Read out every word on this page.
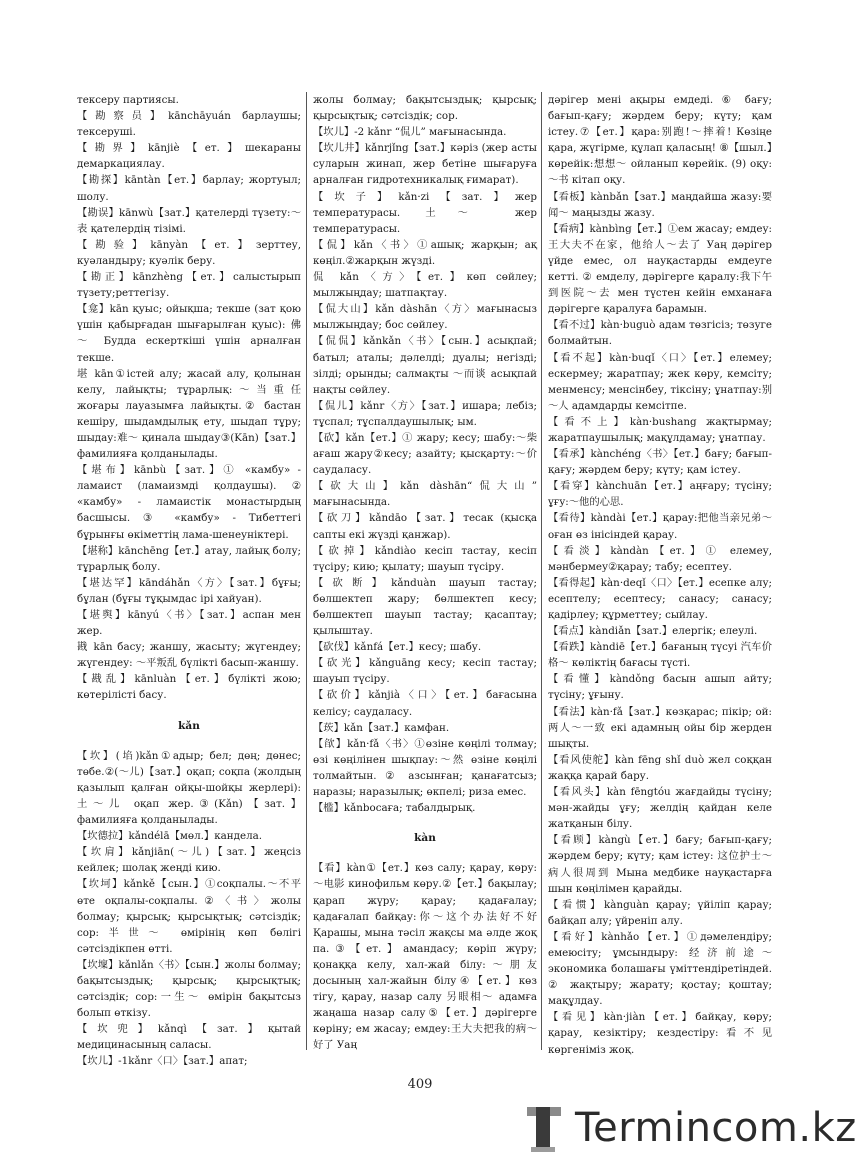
тексеру партиясы.

【勘察员】kānchāyuán барлаушы; тексеруші.

【勘界】kānjiè【ет.】шекараны демаркациялау.

【勘探】kāntàn【ет.】барлау; жортуыл; шолу.

【勘误】kānwù【зат.】қателерді түзету:～表 қателердің тізімі.

【勘验】kānyàn【ет.】зерттеу, куәландыру; куәлік беру.

【勘正】kānzhèng【ет.】салыстырып түзету;реттегізу.

【龛】kān қуыс; ойықша; текше (зат қою үшін қабырғадан шығарылған қуыс): 佛～ Будда ескерткіші үшін арналған текше.

堪 kān①істей алу; жасай алу, қолынан келу, лайықты; тұрарлық:～当重任 жоғары лауазымға лайықты.② бастан кешіру, шыдамдылық ету, шыдап тұру; шыдау:难～ қинала шыдау③(Kān)【зат.】фамилияға қолданылады.

【堪布】kānbù【зат.】① «камбу» - ламаист (ламаизмді қолдаушы). ② «камбу» - ламаистік монастырдың басшысы. ③ «камбу» - Тибеттегі бұрынғы өкіметтің лама-шенеуніктері.

【堪称】kānchēng【ет.】атау, лайық болу; тұрарлық болу.

【堪达罕】kāndáhǎn〈方〉【зат.】бұғы; бұлан (бұғы тұқымдас ірі хайуан).

【堪舆】kānyú〈书〉【зат.】аспан мен жер.

戡 kān басу; жаншу, жасыту; жүгендеу; жүгендеу: ～平叛乱 бүлікті басып-жаншу.

【戡乱】kānluàn【ет.】бүлікті жою; көтерілісті басу.

kǎn

【坎】(埳)kǎn①адыр; бел; дөң; дөнес; төбе.②(～儿)【зат.】оқап; соқпа (жолдың қазылып қалған ойқы-шойқы жерлері):土～儿 оқап жер.③(Kǎn)【зат.】фамилияға қолданылады.

【坎德拉】kǎndélā【мөл.】кандела.

【坎肩】kǎnjiān(～儿)【зат.】жеңсіз кейлек; шолақ жеңді кию.

【坎坷】kǎnkě【сын.】①соқпалы.～不平 өте оқпалы-соқпалы.②〈书〉жолы болмау; қырсық; қырсықтық; сәтсіздік; сор:半世～ өмірінің көп бөлігі сәтсіздікпен өтті.

【坎壈】kǎnlǎn〈书〉【сын.】жолы болмау; бақытсыздық; қырсық; қырсықтық; сәтсіздік; сор:一生～ өмірін бақытсыз болып өткізу.

【坎兜】kǎnqì【зат.】қытай медицинасының саласы.

【坎儿】-1kǎnr〈口〉【зат.】апат;

жолы болмау; бақытсыздық; қырсық; қырсықтық; сәтсіздік; сор.

【坎儿】-2 kǎnr “侃儿” мағынасында.

【坎儿井】kǎnrjǐng【зат.】кәріз (жер асты суларын жинап, жер бетіне шығаруға арналған гидротехникалық ғимарат).

【坎子】kǎn·zi【зат.】жер температурасы. 土～ жер температурасы.

【侃】kǎn〈书〉①ашық; жарқын; ақ көңіл.②жарқын жүзді.

侃 kǎn〈方〉【ет.】көп сөйлеу; мылжыңдау; шатпақтау.

【侃大山】kǎn dàshān〈方〉мағынасыз мылжыңдау; бос сөйлеу.

【侃侃】kǎnkǎn〈书〉【сын.】асықпай; батыл; аталы; дәлелді; дуалы; негізді; зілді; орынды; салмақты ～而谈 асықпай нақты сөйлеу.

【侃儿】kǎnr〈方〉【зат.】ишара; лебіз; тұспал; тұспалдаушылық; ым.

【砍】kǎn【ет.】① жару; кесу; шабу:～柴 ағаш жару②кесу; азайту; қысқарту:～价 саудаласу.

【砍大山】kǎn dàshān“侃大山” мағынасында.

【砍刀】kǎndāo【зат.】тесак (қысқа сапты екі жүзді қанжар).

【砍掉】kǎndiào кесіп тастау, кесіп түсіру; кию; қылату; шауып түсіру.

【砍断】kǎnduàn шауып тастау; бөлшектеп жару; бөлшектеп кесу; бөлшектеп шауып тастау; қасаптау; қылыштау.

【砍伐】kǎnfá【ет.】кесу; шабу.

【砍光】kǎnguāng кесу; кесіп тастау; шауып түсіру.

【砍价】kǎnjià〈口〉【ет.】бағасына келісу; саудаласу.

【莰】kǎn【зат.】камфан.

【欿】kǎn·fǎ〈书〉①өзіне көңілі толмау; өзі көңілінен шықпау:～然 өзіне көңілі толмайтын. ② азсынған; қанағатсыз; наразы; наразылық; өкпелі; риза емес.

【槛】kǎnbосаға; табалдырық.

kàn

【看】kàn①【ет.】көз салу; қарау, көру:～电影 кинофильм көру.②【ет.】бақылау; қарап жүру; қарау; қадағалау; қадағалап байқау:你～这个办法好不好 Қарашы, мына тәсіл жақсы ма әлде жоқ па.③【ет.】амандасу; көріп жүру; қонаққа келу, хал-жай білу:～朋友 досының хал-жайын білу④【ет.】көз тігу, қарау, назар салу 另眼相～ адамға жаңаша назар салу⑤【ет.】дәрігерге көріну; ем жасау; емдеу:王大夫把我的病～好了 Уаң

дәрігер мені ақыры емдеді. ⑥ бағу; бағып-қағу; жәрдем беру; күту; қам істеу.⑦【ет.】қара:别跑!～摔着! Көзіңе қара, жүгірме, құлап қаласың! ⑧【шыл.】көрейік:想想～ ойланып көрейік. (9) оқу:～书 кітап оқу.

【看板】kànbǎn【зат.】маңдайша жазу:要闻～ маңызды жазу.

【看病】kànbìng【ет.】①ем жасау; емдеу:王大夫不在家，他给人～去了 Уаң дәрігер үйде емес, ол науқастарды емдеуге кетті. ② емделу, дәрігерге қаралу:我下午到医院～去 мен түстен кейін емханаға дәрігерге қаралуға барамын.

【看不过】kàn·buguò адам төзгісіз; төзуге болмайтын.

【看不起】kàn·buqǐ〈口〉【ет.】елемеу; ескермеу; жаратпау; жек көру, кемсіту; менменсу; менсінбеу, тіксіну; ұнатпау:别～人 адамдарды кемсітпе.

【看不上】kàn·bushang жақтырмау; жаратпаушылық; мақұлдамау; ұнатпау.

【看承】kànchéng〈书〉【ет.】бағу; бағып-қағу; жәрдем беру; күту; қам істеу.

【看穿】kànchuān【ет.】аңғару; түсіну; ұғу:～他的心思.

【看待】kàndài【ет.】қарау:把他当亲兄弟～ оған өз інісіндей қарау.

【看淡】kàndàn【ет.】① елемеу, мәнбермеу②қарау; табу; есептеу.

【看得起】kàn·deqǐ〈口〉【ет.】есепке алу; есептелу; есептесу; санасу; санасу; қадірлеу; құрметтеу; сыйлау.

【看点】kàndiǎn【зат.】елергік; елеулі.

【看跌】kàndiē【ет.】бағаның түсуі 汽车价格～ көліктің бағасы түсті.

【看懂】kàndǒng басын ашып айту; түсіну; ұғыну.

【看法】kàn·fǎ【зат.】көзқарас; пікір; ой: 两人～一致 екі адамның ойы бір жерден шықты.

【看风使舵】kàn fēng shǐ duò жел соққан жаққа қарай бару.

【看风头】kàn fēngtóu жағдайды түсіну; мән-жайды ұғу; желдің қайдан келе жатқанын білу.

【看顾】kàngù【ет.】бағу; бағып-қағу; жәрдем беру; күту; қам істеу: 这位护士～病人很周到 Мына медбике науқастарға шын көңілімен қарайды.

【看惯】kànguàn қарау; үйіліп қарау; байқап алу; үйреніп алу.

【看好】kànhǎo【ет.】①дәмелендіру; емеюсіту; ұмсындыру: 经济前途～ экономика болашағы үміттендіретіндей. ② жақтыру; жарату; қостау; қоштау; мақұлдау.

【看见】kàn·jiàn【ет.】байқау, көру; қарау, кезіктіру; кездестіру:看不见 көргеніміз жоқ.

409
Termincom.kz
